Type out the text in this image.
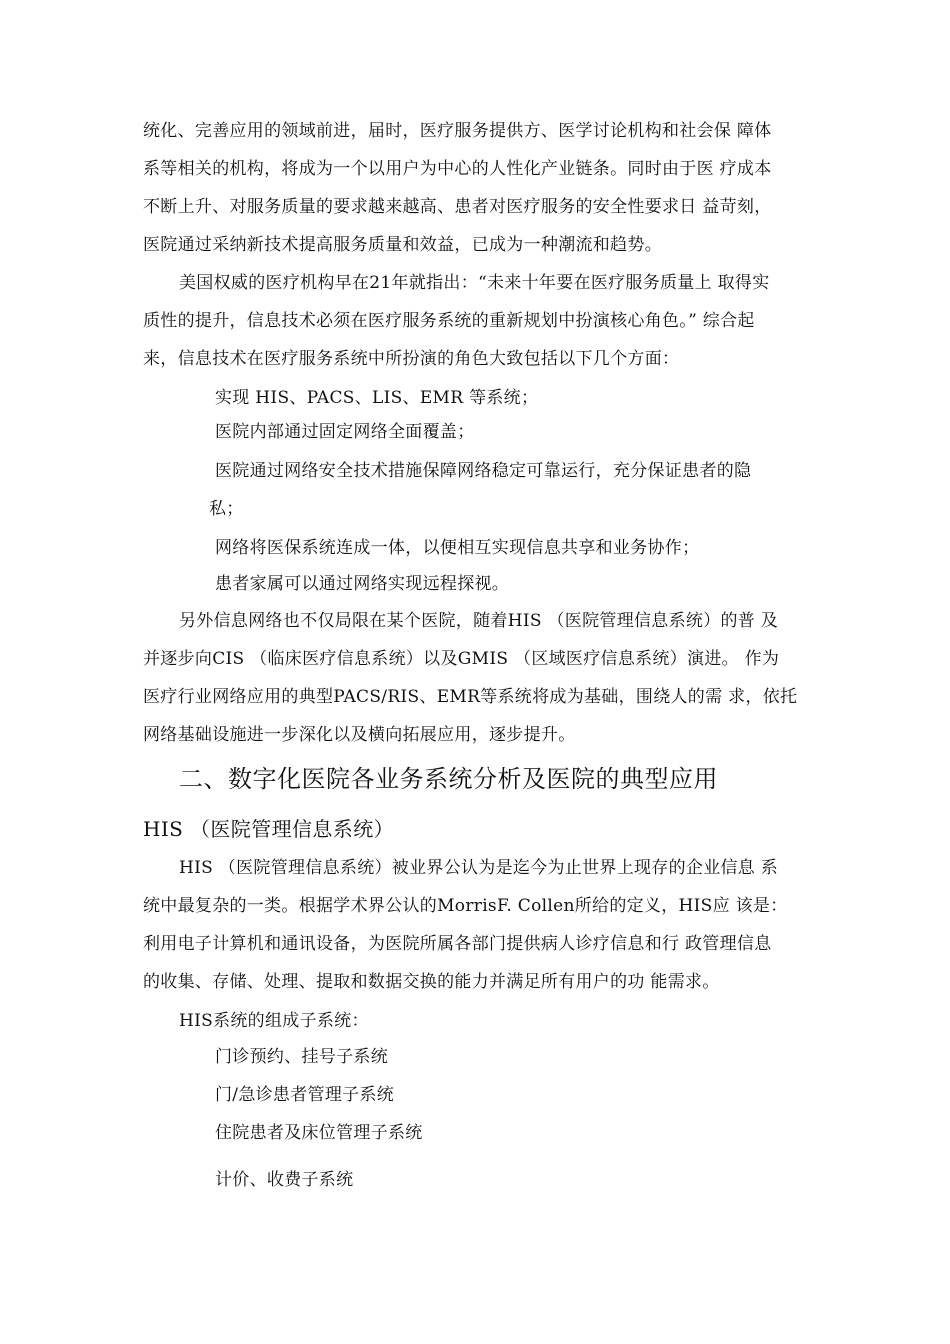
统化、完善应用的领域前进，届时，医疗服务提供方、医学讨论机构和社会保 障体
系等相关的机构，将成为一个以用户为中心的人性化产业链条。同时由于医 疗成本
不断上升、对服务质量的要求越来越高、患者对医疗服务的安全性要求日 益苛刻，
医院通过采纳新技术提高服务质量和效益，已成为一种潮流和趋势。
美国权威的医疗机构早在21年就指出：“未来十年要在医疗服务质量上 取得实
质性的提升，信息技术必须在医疗服务系统的重新规划中扮演核心角色。” 综合起
来，信息技术在医疗服务系统中所扮演的角色大致包括以下几个方面：
实现 HIS、PACS、LIS、EMR 等系统；
医院内部通过固定网络全面覆盖；
医院通过网络安全技术措施保障网络稳定可靠运行，充分保证患者的隐
私；
网络将医保系统连成一体，以便相互实现信息共享和业务协作；
患者家属可以通过网络实现远程探视。
另外信息网络也不仅局限在某个医院，随着HIS （医院管理信息系统）的普 及
并逐步向CIS （临床医疗信息系统）以及GMIS （区域医疗信息系统）演进。 作为
医疗行业网络应用的典型PACS/RIS、EMR等系统将成为基础，围绕人的需 求，依托
网络基础设施进一步深化以及横向拓展应用，逐步提升。
二、数字化医院各业务系统分析及医院的典型应用
HIS （医院管理信息系统）
HIS （医院管理信息系统）被业界公认为是迄今为止世界上现存的企业信息 系
统中最复杂的一类。根据学术界公认的MorrisF. Collen所给的定义，HIS应 该是：
利用电子计算机和通讯设备，为医院所属各部门提供病人诊疗信息和行 政管理信息
的收集、存储、处理、提取和数据交换的能力并满足所有用户的功 能需求。
HIS系统的组成子系统：
门诊预约、挂号子系统
门/急诊患者管理子系统
住院患者及床位管理子系统
计价、收费子系统
